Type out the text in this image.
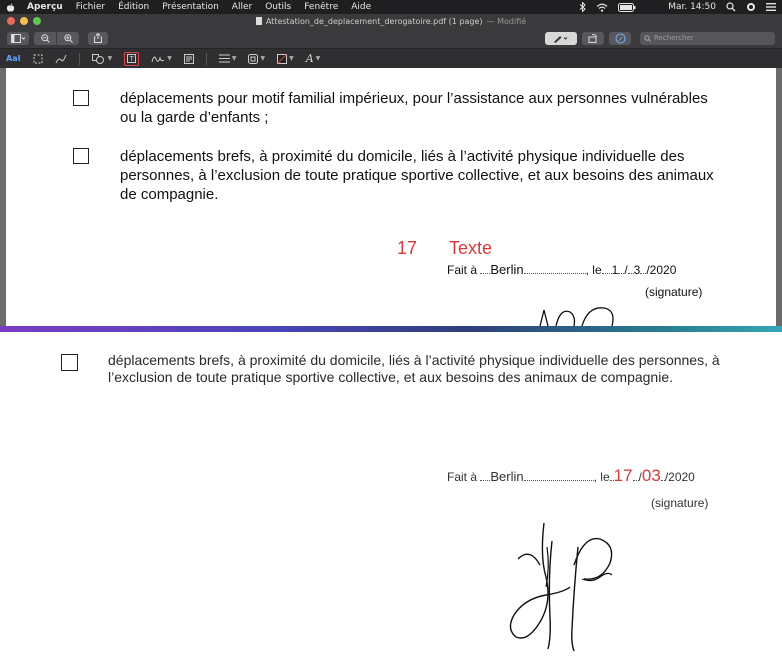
Aperçu Fichier Édition Présentation Aller Outils Fenêtre Aide	Mar. 14:50
Attestation_de_deplacement_derogatoire.pdf (1 page) — Modifié
Rechercher
AaI	▼	T	▼	▼	▼	▼ A ▼
déplacements pour motif familial impérieux, pour l’assistance aux personnes vulnérables ou la garde d’enfants ;
déplacements brefs, à proximité du domicile, liés à l’activité physique individuelle des personnes, à l’exclusion de toute pratique sportive collective, et aux besoins des animaux de compagnie.
17 Texte
Fait à Berlin	, le 1 / 3 /2020
(signature)
déplacements brefs, à proximité du domicile, liés à l’activité physique individuelle des personnes, à l’exclusion de toute pratique sportive collective, et aux besoins des animaux de compagnie.
Fait à Berlin	, le 17 /03 /2020
(signature)
